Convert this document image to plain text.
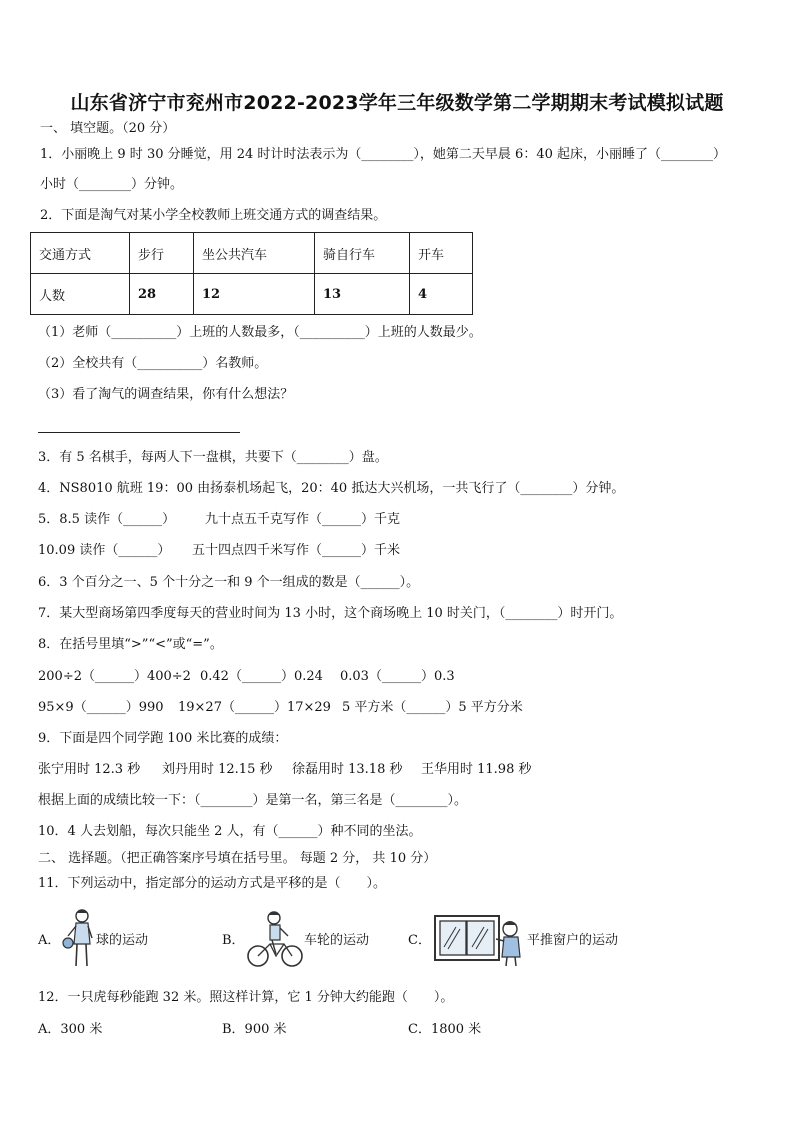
山东省济宁市兖州市2022-2023学年三年级数学第二学期期末考试模拟试题
一、 填空题。（20 分）
1．小丽晚上 9 时 30 分睡觉，用 24 时计时法表示为（________），她第二天早晨 6：40 起床，小丽睡了（________）
小时（________）分钟。
2．下面是淘气对某小学全校教师上班交通方式的调查结果。
交通方式	步行	坐公共汽车	骑自行车	开车
人数	28	12	13	4
（1）老师（__________）上班的人数最多，（__________）上班的人数最少。
（2）全校共有（__________）名教师。
（3）看了淘气的调查结果，你有什么想法？
3．有 5 名棋手，每两人下一盘棋，共要下（________）盘。
4．NS8010 航班 19：00 由扬泰机场起飞，20：40 抵达大兴机场，一共飞行了（________）分钟。
5．8.5 读作（______） 九十点五千克写作（______）千克
10.09 读作（______） 五十四点四千米写作（______）千米
6．3 个百分之一、5 个十分之一和 9 个一组成的数是（______）。
7．某大型商场第四季度每天的营业时间为 13 小时，这个商场晚上 10 时关门，（________）时开门。
8．在括号里填“>”“<”或“=”。
200÷2（______）400÷2 0.42（______）0.24 0.03（______）0.3
95×9（______）990 19×27（______）17×29 5 平方米（______）5 平方分米
9．下面是四个同学跑 100 米比赛的成绩：
张宁用时 12.3 秒 刘丹用时 12.15 秒 徐磊用时 13.18 秒 王华用时 11.98 秒
根据上面的成绩比较一下：（________）是第一名，第三名是（________）。
10．4 人去划船，每次只能坐 2 人，有（______）种不同的坐法。
二、 选择题。（把正确答案序号填在括号里。 每题 2 分， 共 10 分）
11．下列运动中，指定部分的运动方式是平移的是（　　）。
A．	球的运动	B．	车轮的运动	C．	平推窗户的运动
12．一只虎每秒能跑 32 米。照这样计算，它 1 分钟大约能跑（　　）。
A．300 米	B．900 米	C．1800 米
